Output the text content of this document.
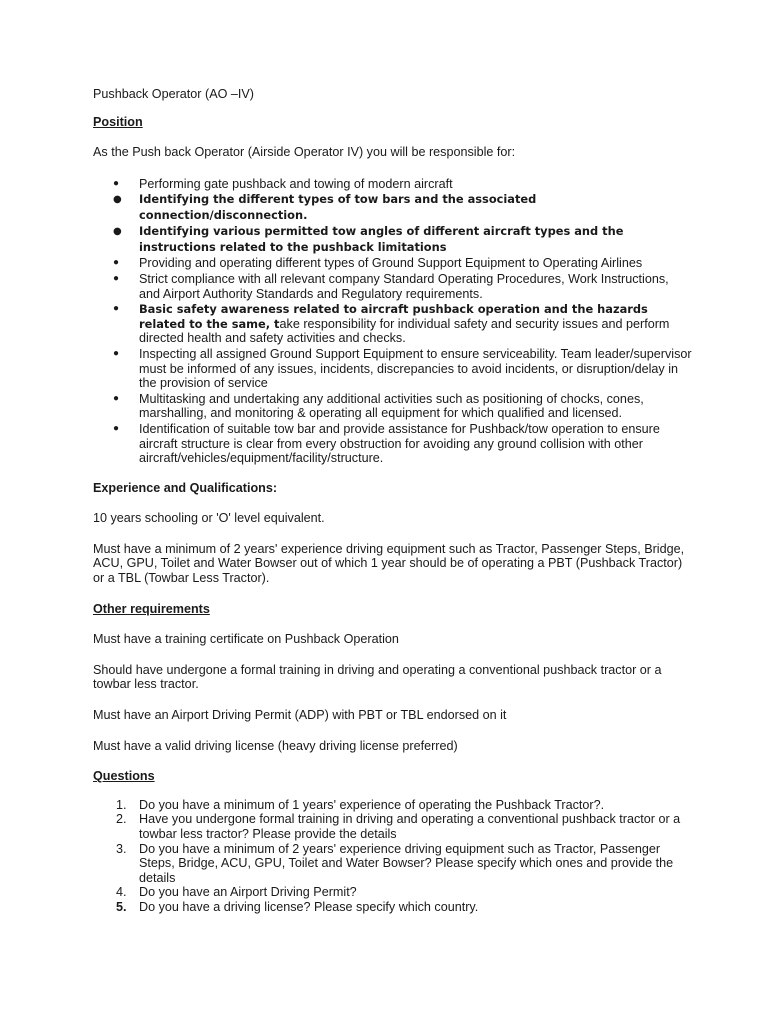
Pushback Operator (AO –IV)

Position

As the Push back Operator (Airside Operator IV) you will be responsible for:

● Performing gate pushback and towing of modern aircraft
● Identifying the different types of tow bars and the associated connection/disconnection.
● Identifying various permitted tow angles of different aircraft types and the instructions related to the pushback limitations
● Providing and operating different types of Ground Support Equipment to Operating Airlines
● Strict compliance with all relevant company Standard Operating Procedures, Work Instructions, and Airport Authority Standards and Regulatory requirements.
● Basic safety awareness related to aircraft pushback operation and the hazards related to the same, take responsibility for individual safety and security issues and perform directed health and safety activities and checks.
● Inspecting all assigned Ground Support Equipment to ensure serviceability. Team leader/supervisor must be informed of any issues, incidents, discrepancies to avoid incidents, or disruption/delay in the provision of service
● Multitasking and undertaking any additional activities such as positioning of chocks, cones, marshalling, and monitoring & operating all equipment for which qualified and licensed.
● Identification of suitable tow bar and provide assistance for Pushback/tow operation to ensure aircraft structure is clear from every obstruction for avoiding any ground collision with other aircraft/vehicles/equipment/facility/structure.

Experience and Qualifications:

10 years schooling or 'O' level equivalent.

Must have a minimum of 2 years' experience driving equipment such as Tractor, Passenger Steps, Bridge, ACU, GPU, Toilet and Water Bowser out of which 1 year should be of operating a PBT (Pushback Tractor) or a TBL (Towbar Less Tractor).

Other requirements

Must have a training certificate on Pushback Operation

Should have undergone a formal training in driving and operating a conventional pushback tractor or a towbar less tractor.

Must have an Airport Driving Permit (ADP) with PBT or TBL endorsed on it

Must have a valid driving license (heavy driving license preferred)

Questions

1. Do you have a minimum of 1 years' experience of operating the Pushback Tractor?.
2. Have you undergone formal training in driving and operating a conventional pushback tractor or a towbar less tractor? Please provide the details
3. Do you have a minimum of 2 years' experience driving equipment such as Tractor, Passenger Steps, Bridge, ACU, GPU, Toilet and Water Bowser? Please specify which ones and provide the details
4. Do you have an Airport Driving Permit?
5. Do you have a driving license? Please specify which country.
